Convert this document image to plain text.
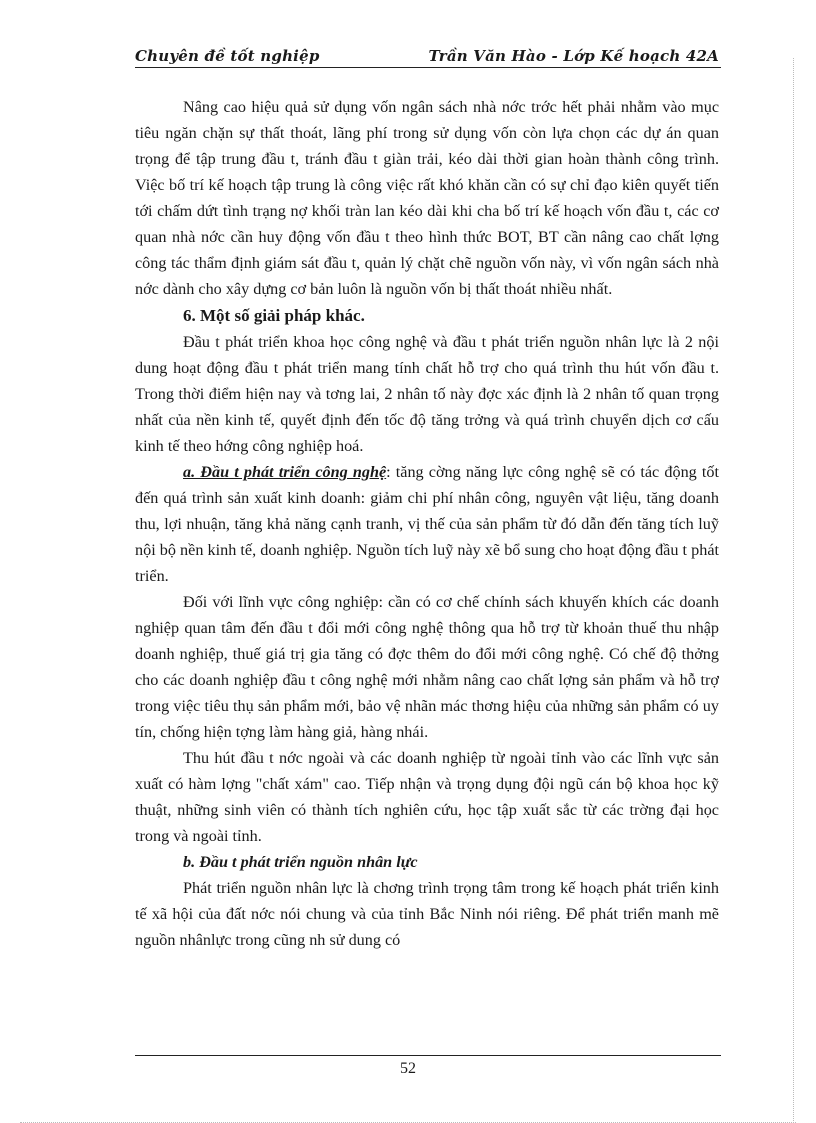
Chuyên đề tốt nghiệp	Trần Văn Hào - Lớp Kế hoạch 42A

Nâng cao hiệu quả sử dụng vốn ngân sách nhà nớc trớc hết phải nhằm vào mục tiêu ngăn chặn sự thất thoát, lãng phí trong sử dụng vốn còn lựa chọn các dự án quan trọng để tập trung đầu t, tránh đầu t giàn trải, kéo dài thời gian hoàn thành công trình. Việc bố trí kế hoạch tập trung là công việc rất khó khăn cần có sự chỉ đạo kiên quyết tiến tới chấm dứt tình trạng nợ khối tràn lan kéo dài khi cha bố trí kế hoạch vốn đầu t, các cơ quan nhà nớc cần huy động vốn đầu t theo hình thức BOT, BT cần nâng cao chất lợng công tác thẩm định giám sát đầu t, quản lý chặt chẽ nguồn vốn này, vì vốn ngân sách nhà nớc dành cho xây dựng cơ bản luôn là nguồn vốn bị thất thoát nhiều nhất.

6. Một số giải pháp khác.

Đầu t phát triển khoa học công nghệ và đầu t phát triển nguồn nhân lực là 2 nội dung hoạt động đầu t phát triển mang tính chất hỗ trợ cho quá trình thu hút vốn đầu t. Trong thời điểm hiện nay và tơng lai, 2 nhân tố này đợc xác định là 2 nhân tố quan trọng nhất của nền kinh tế, quyết định đến tốc độ tăng trởng và quá trình chuyển dịch cơ cấu kinh tế theo hớng công nghiệp hoá.

a. Đầu t phát triển công nghệ: tăng cờng năng lực công nghệ sẽ có tác động tốt đến quá trình sản xuất kinh doanh: giảm chi phí nhân công, nguyên vật liệu, tăng doanh thu, lợi nhuận, tăng khả năng cạnh tranh, vị thế của sản phẩm từ đó dẫn đến tăng tích luỹ nội bộ nền kinh tế, doanh nghiệp. Nguồn tích luỹ này xẽ bổ sung cho hoạt động đầu t phát triển.

Đối với lĩnh vực công nghiệp: cần có cơ chế chính sách khuyến khích các doanh nghiệp quan tâm đến đầu t đổi mới công nghệ thông qua hỗ trợ từ khoản thuế thu nhập doanh nghiệp, thuế giá trị gia tăng có đợc thêm do đổi mới công nghệ. Có chế độ thởng cho các doanh nghiệp đầu t công nghệ mới nhằm nâng cao chất lợng sản phẩm và hỗ trợ trong việc tiêu thụ sản phẩm mới, bảo vệ nhãn mác thơng hiệu của những sản phẩm có uy tín, chống hiện tợng làm hàng giả, hàng nhái.

Thu hút đầu t nớc ngoài và các doanh nghiệp từ ngoài tỉnh vào các lĩnh vực sản xuất có hàm lợng "chất xám" cao. Tiếp nhận và trọng dụng đội ngũ cán bộ khoa học kỹ thuật, những sinh viên có thành tích nghiên cứu, học tập xuất sắc từ các trờng đại học trong và ngoài tỉnh.

b. Đầu t phát triển nguồn nhân lực

Phát triển nguồn nhân lực là chơng trình trọng tâm trong kế hoạch phát triển kinh tế xã hội của đất nớc nói chung và của tỉnh Bắc Ninh nói riêng. Để phát triển manh mẽ nguồn nhânlực trong cũng nh sử dung có

52
